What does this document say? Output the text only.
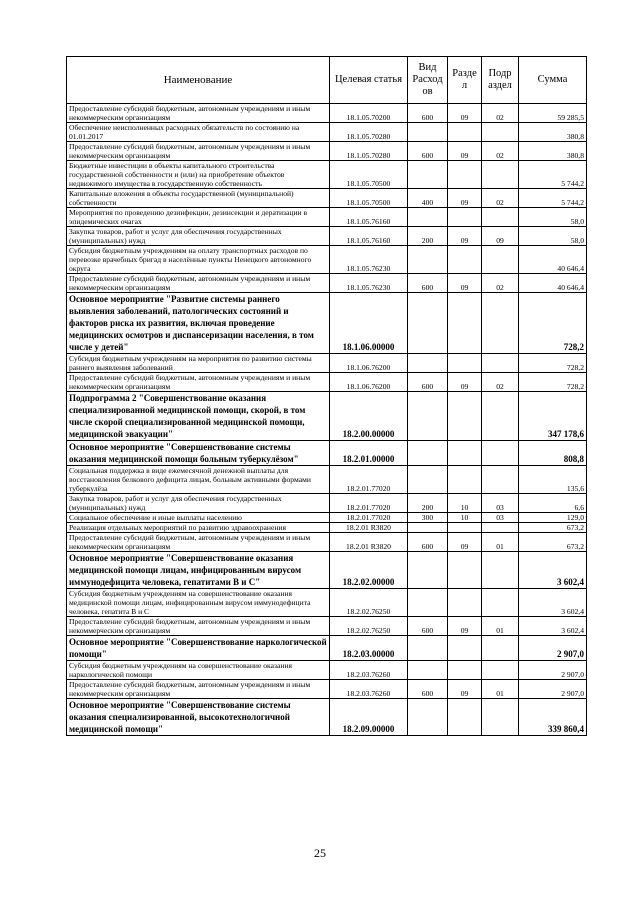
Наименование	Целевая статья	Вид Расход ов	Разде л	Подр аздел	Сумма
Предоставление субсидий бюджетным, автономным учреждениям и иным некоммерческим организациям	18.1.05.70200	600	09	02	59 285,5
Обеспечение неисполненных расходных обязательств по состоянию на 01.01.2017	18.1.05.70280				380,8
Предоставление субсидий бюджетным, автономным учреждениям и иным некоммерческим организациям	18.1.05.70280	600	09	02	380,8
Бюджетные инвестиции в объекты капитального строительства государственной собственности и (или) на приобретение объектов недвижимого имущества в государственную собственность	18.1.05.70500				5 744,2
Капитальные вложения в объекты государственной (муниципальной) собственности	18.1.05.70500	400	09	02	5 744,2
Мероприятия по проведению дезинфекции, дезинсекции и дератизации в эпидемических очагах	18.1.05.76160				58,0
Закупка товаров, работ и услуг для обеспечения государственных (муниципальных) нужд	18.1.05.76160	200	09	09	58,0
Субсидия бюджетным учреждениям на оплату транспортных расходов по перевозке врачебных бригад в населённые пункты Ненецкого автономного округа	18.1.05.76230				40 646,4
Предоставление субсидий бюджетным, автономным учреждениям и иным некоммерческим организациям	18.1.05.76230	600	09	02	40 646,4
Основное мероприятие "Развитие системы раннего выявления заболеваний, патологических состояний и факторов риска их развития, включая проведение медицинских осмотров и диспансеризации населения, в том числе у детей"	18.1.06.00000				728,2
Субсидия бюджетным учреждениям на мероприятия по развитию системы раннего выявления заболеваний	18.1.06.76200				728,2
Предоставление субсидий бюджетным, автономным учреждениям и иным некоммерческим организациям	18.1.06.76200	600	09	02	728,2
Подпрограмма 2 "Совершенствование оказания специализированной медицинской помощи, скорой, в том числе скорой специализированной медицинской помощи, медицинской эвакуации"	18.2.00.00000				347 178,6
Основное мероприятие "Совершенствование системы оказания медицинской помощи больным туберкулёзом"	18.2.01.00000				808,8
Социальная поддержка в виде ежемесячной денежной выплаты для восстановления белкового дефицита лицам, больным активными формами туберкулёза	18.2.01.77020				135,6
Закупка товаров, работ и услуг для обеспечения государственных (муниципальных) нужд	18.2.01.77020	200	10	03	6,6
Социальное обеспечение и иные выплаты населению	18.2.01.77020	300	10	03	129,0
Реализация отдельных мероприятий по развитию здравоохранения	18.2.01 R3820				673,2
Предоставление субсидий бюджетным, автономным учреждениям и иным некоммерческим организациям	18.2.01 R3820	600	09	01	673,2
Основное мероприятие "Совершенствование оказания медицинской помощи лицам, инфицированным вирусом иммунодефицита человека, гепатитами В и С"	18.2.02.00000				3 602,4
Субсидия бюджетным учреждениям на совершенствование оказания медицинской помощи лицам, инфицированным вирусом иммунодефицита человека, гепатита В и С	18.2.02.76250				3 602,4
Предоставление субсидий бюджетным, автономным учреждениям и иным некоммерческим организациям	18.2.02.76250	600	09	01	3 602,4
Основное мероприятие "Совершенствование наркологической помощи"	18.2.03.00000				2 907,0
Субсидия бюджетным учреждениям на совершенствование оказания наркологической помощи	18.2.03.76260				2 907,0
Предоставление субсидий бюджетным, автономным учреждениям и иным некоммерческим организациям	18.2.03.76260	600	09	01	2 907,0
Основное мероприятие "Совершенствование системы оказания специализированной, высокотехнологичной медицинской помощи"	18.2.09.00000				339 860,4
25
